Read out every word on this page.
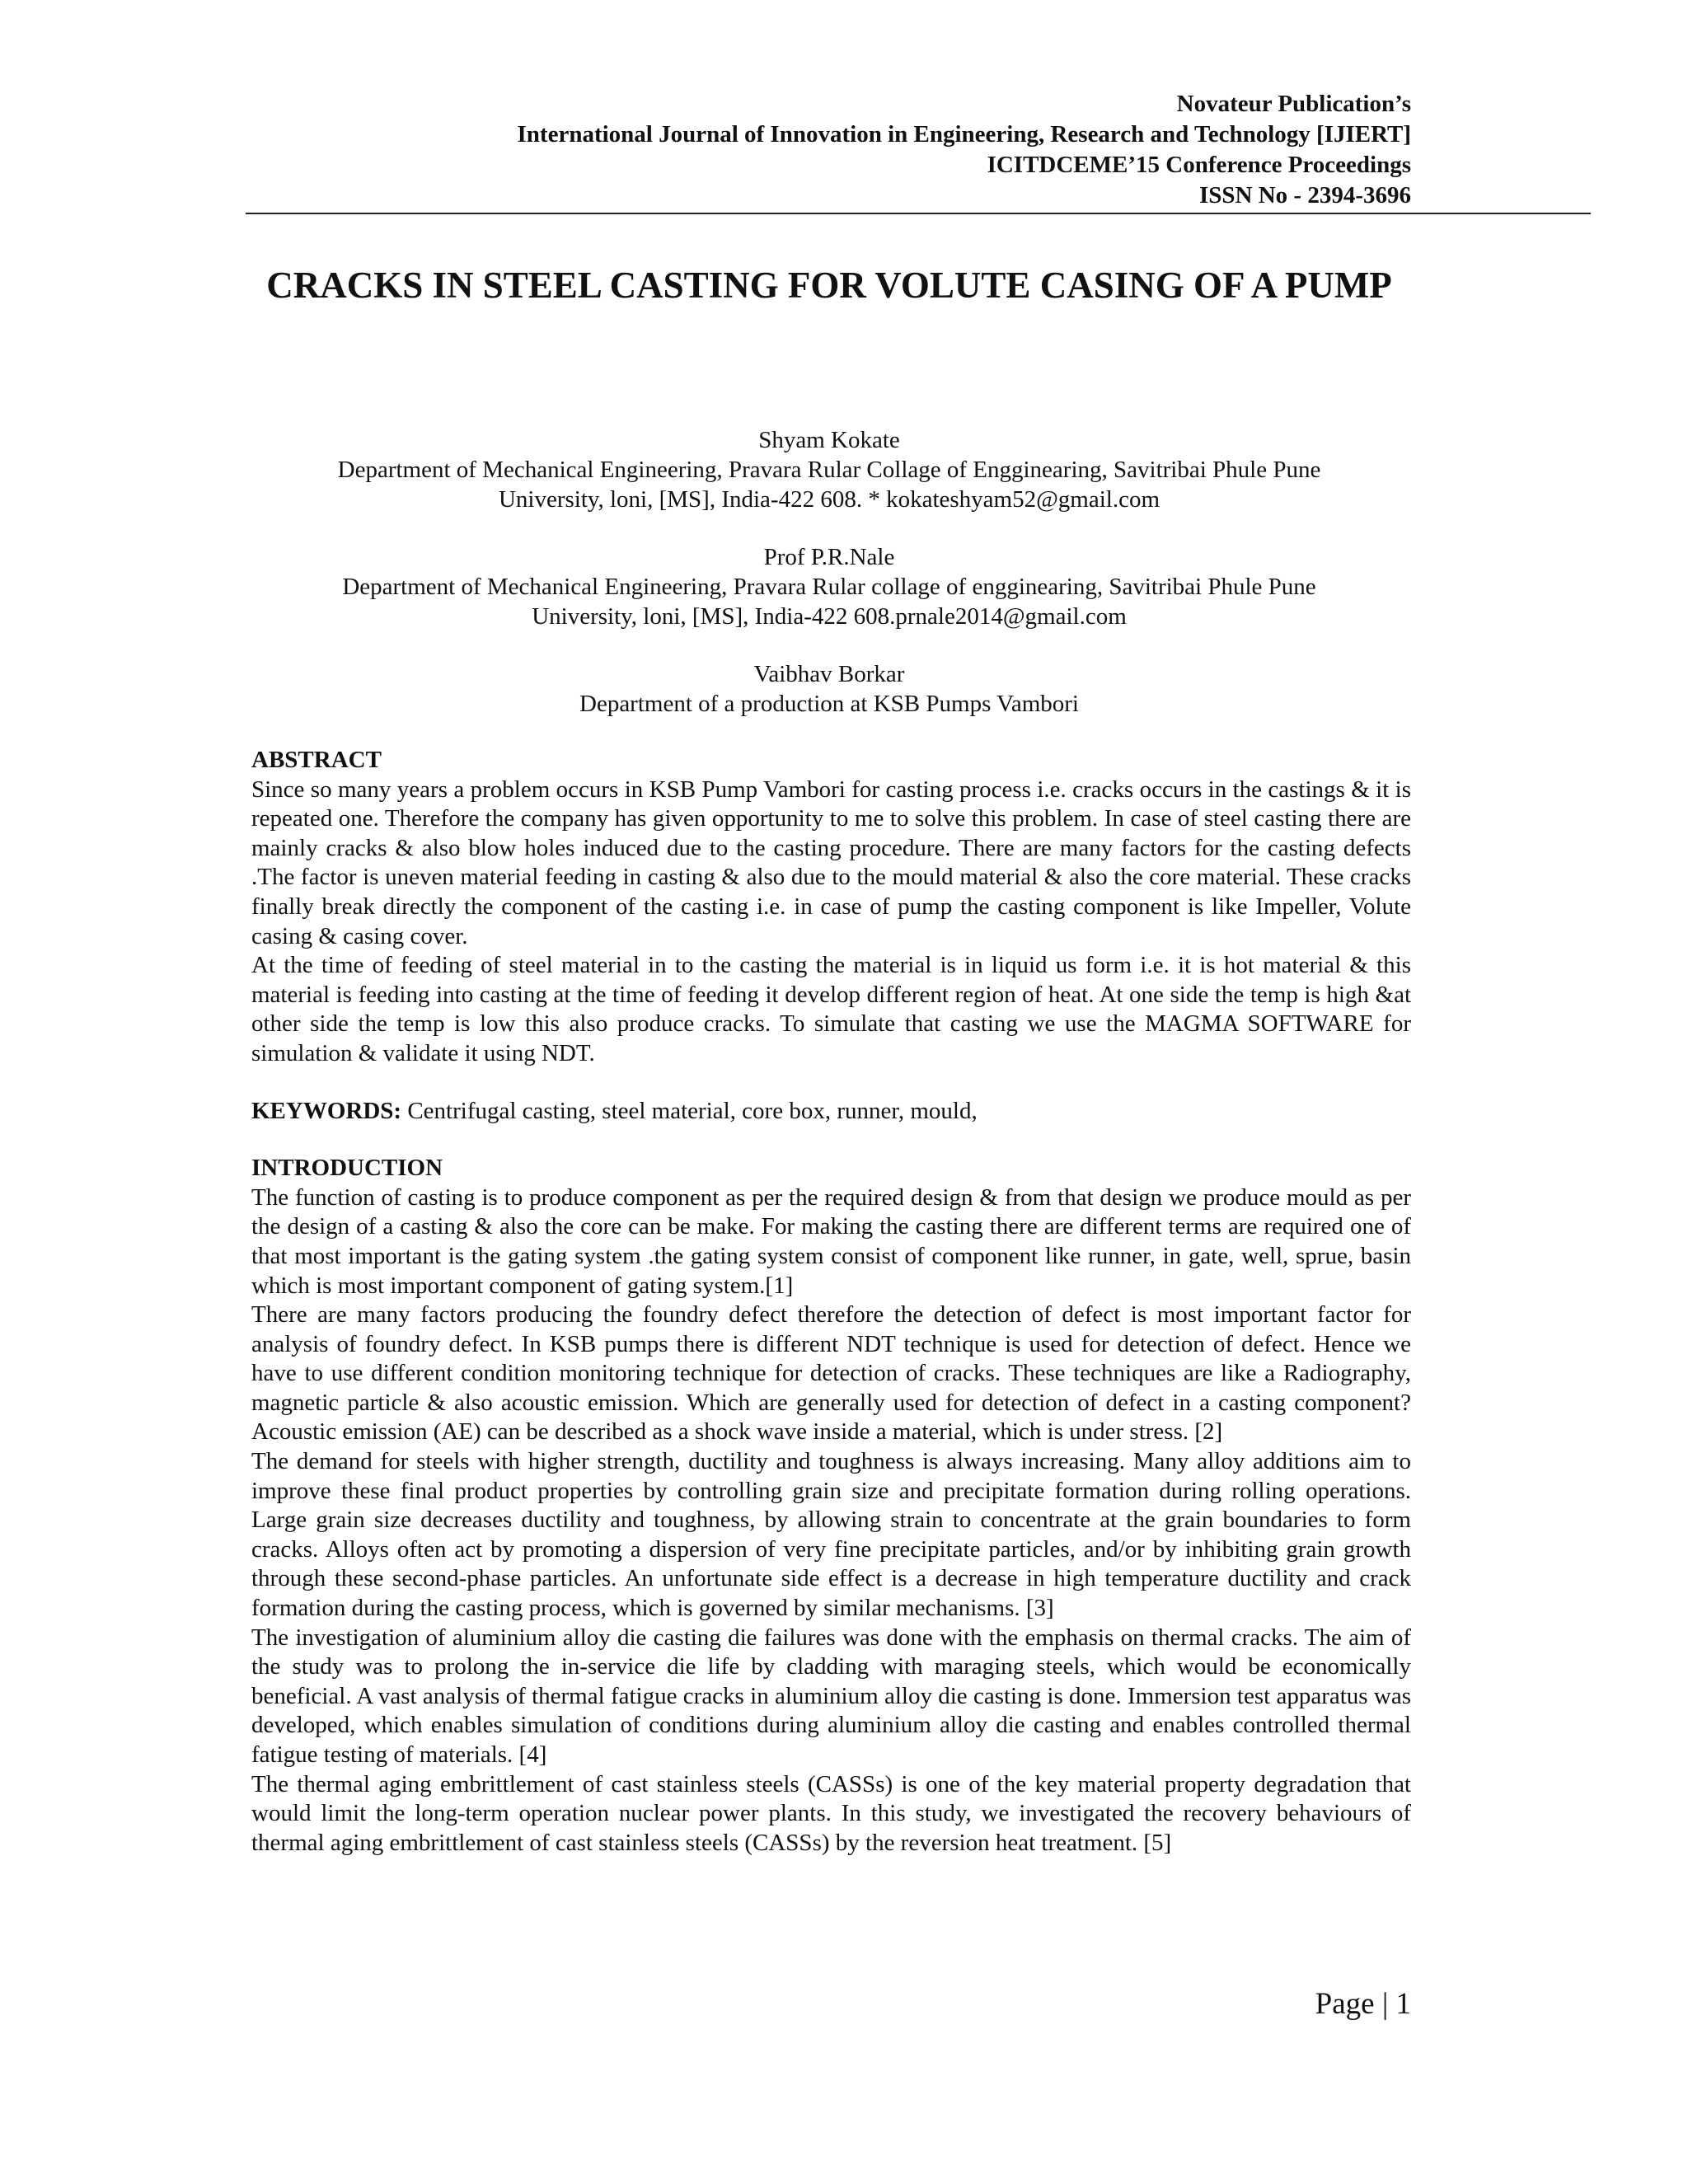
Novateur Publication’s
International Journal of Innovation in Engineering, Research and Technology [IJIERT]
ICITDCEME’15 Conference Proceedings
ISSN No - 2394-3696
CRACKS IN STEEL CASTING FOR VOLUTE CASING OF A PUMP
Shyam Kokate
Department of Mechanical Engineering, Pravara Rular Collage of Engginearing, Savitribai Phule Pune
University, loni, [MS], India-422 608. * kokateshyam52@gmail.com
Prof P.R.Nale
Department of Mechanical Engineering, Pravara Rular collage of engginearing, Savitribai Phule Pune
University, loni, [MS], India-422 608.prnale2014@gmail.com
Vaibhav Borkar
Department of a production at KSB Pumps Vambori
ABSTRACT

Since so many years a problem occurs in KSB Pump Vambori for casting process i.e. cracks occurs in the castings & it is repeated one. Therefore the company has given opportunity to me to solve this problem. In case of steel casting there are mainly cracks & also blow holes induced due to the casting procedure. There are many factors for the casting defects .The factor is uneven material feeding in casting & also due to the mould material & also the core material. These cracks finally break directly the component of the casting i.e. in case of pump the casting component is like Impeller, Volute casing & casing cover.

At the time of feeding of steel material in to the casting the material is in liquid us form i.e. it is hot material & this material is feeding into casting at the time of feeding it develop different region of heat. At one side the temp is high &at other side the temp is low this also produce cracks. To simulate that casting we use the MAGMA SOFTWARE for simulation & validate it using NDT.

KEYWORDS: Centrifugal casting, steel material, core box, runner, mould,

INTRODUCTION

The function of casting is to produce component as per the required design & from that design we produce mould as per the design of a casting & also the core can be make. For making the casting there are different terms are required one of that most important is the gating system .the gating system consist of component like runner, in gate, well, sprue, basin which is most important component of gating system.[1]

There are many factors producing the foundry defect therefore the detection of defect is most important factor for analysis of foundry defect. In KSB pumps there is different NDT technique is used for detection of defect. Hence we have to use different condition monitoring technique for detection of cracks. These techniques are like a Radiography, magnetic particle & also acoustic emission. Which are generally used for detection of defect in a casting component? Acoustic emission (AE) can be described as a shock wave inside a material, which is under stress. [2]

The demand for steels with higher strength, ductility and toughness is always increasing. Many alloy additions aim to improve these final product properties by controlling grain size and precipitate formation during rolling operations. Large grain size decreases ductility and toughness, by allowing strain to concentrate at the grain boundaries to form cracks. Alloys often act by promoting a dispersion of very fine precipitate particles, and/or by inhibiting grain growth through these second-phase particles. An unfortunate side effect is a decrease in high temperature ductility and crack formation during the casting process, which is governed by similar mechanisms. [3]

The investigation of aluminium alloy die casting die failures was done with the emphasis on thermal cracks. The aim of the study was to prolong the in-service die life by cladding with maraging steels, which would be economically beneficial. A vast analysis of thermal fatigue cracks in aluminium alloy die casting is done. Immersion test apparatus was developed, which enables simulation of conditions during aluminium alloy die casting and enables controlled thermal fatigue testing of materials. [4]

The thermal aging embrittlement of cast stainless steels (CASSs) is one of the key material property degradation that would limit the long-term operation nuclear power plants. In this study, we investigated the recovery behaviours of thermal aging embrittlement of cast stainless steels (CASSs) by the reversion heat treatment. [5]

Page | 1
